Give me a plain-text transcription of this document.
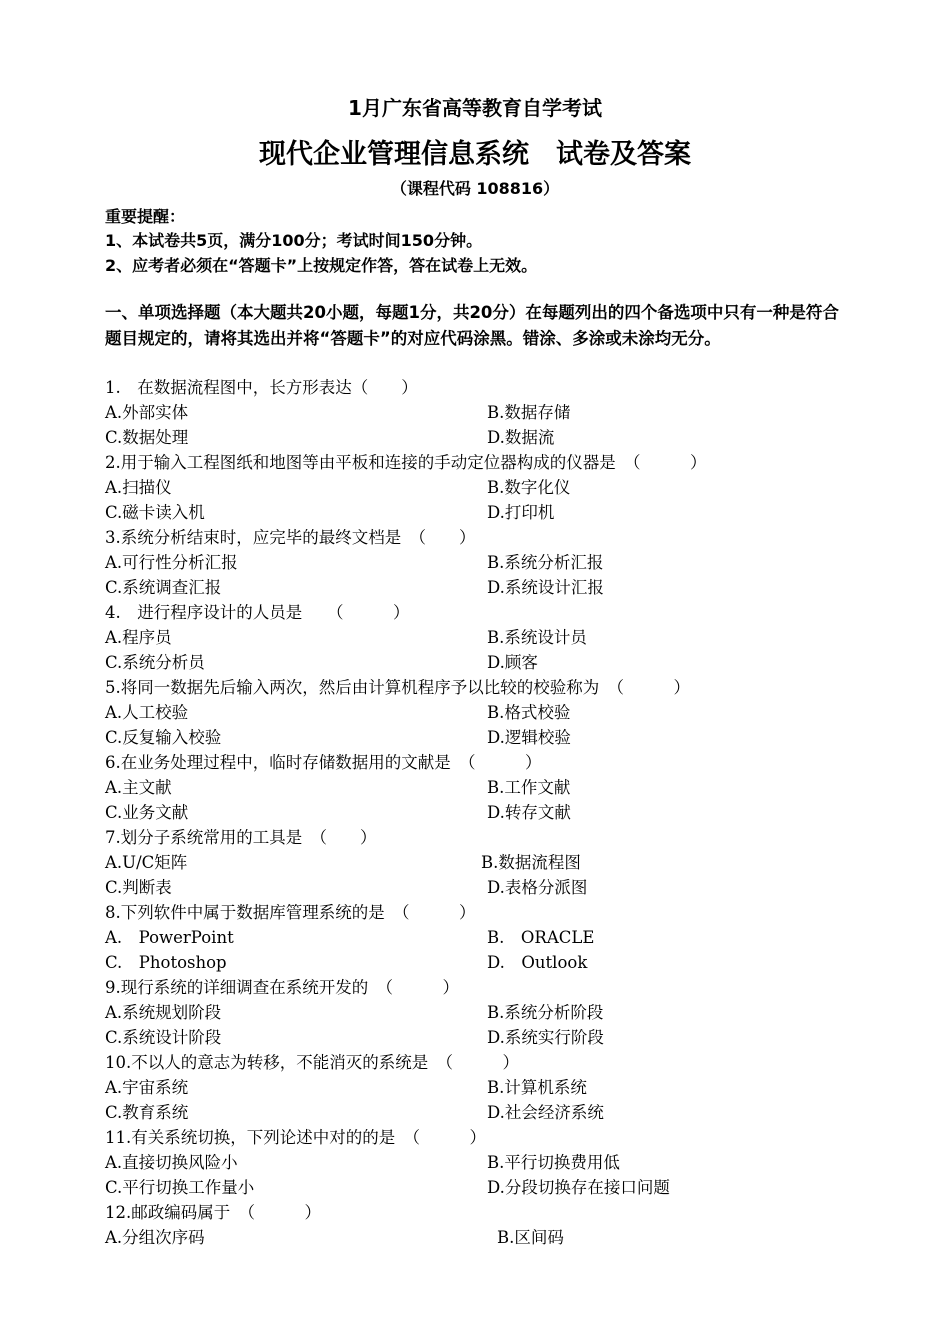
1月广东省高等教育自学考试
现代企业管理信息系统　试卷及答案
（课程代码 108816）
重要提醒：
1、本试卷共5页，满分100分；考试时间150分钟。
2、应考者必须在“答题卡”上按规定作答，答在试卷上无效。
一、单项选择题（本大题共20小题，每题1分，共20分）在每题列出的四个备选项中只有一种是符合题目规定的，请将其选出并将“答题卡”的对应代码涂黑。错涂、多涂或未涂均无分。
1.　在数据流程图中，长方形表达（　　）
A.外部实体	B.数据存储
C.数据处理	D.数据流
2.用于输入工程图纸和地图等由平板和连接的手动定位器构成的仪器是　（　　　）
A.扫描仪	B.数字化仪
C.磁卡读入机	D.打印机
3.系统分析结束时，应完毕的最终文档是　（　　）
A.可行性分析汇报	B.系统分析汇报
C.系统调查汇报	D.系统设计汇报
4.　进行程序设计的人员是　　（　　　）
A.程序员	B.系统设计员
C.系统分析员	D.顾客
5.将同一数据先后输入两次，然后由计算机程序予以比较的校验称为　（　　　）
A.人工校验	B.格式校验
C.反复输入校验	D.逻辑校验
6.在业务处理过程中，临时存储数据用的文献是　（　　　）
A.主文献	B.工作文献
C.业务文献	D.转存文献
7.划分子系统常用的工具是　（　　）
A.U/C矩阵	B.数据流程图
C.判断表	D.表格分派图
8.下列软件中属于数据库管理系统的是　（　　　）
A.　PowerPoint	B.　ORACLE
C.　Photoshop	D.　Outlook
9.现行系统的详细调查在系统开发的　（　　　）
A.系统规划阶段	B.系统分析阶段
C.系统设计阶段	D.系统实行阶段
10.不以人的意志为转移，不能消灭的系统是　（　　　）
A.宇宙系统	B.计算机系统
C.教育系统	D.社会经济系统
11.有关系统切换，下列论述中对的的是　（　　　）
A.直接切换风险小	B.平行切换费用低
C.平行切换工作量小	D.分段切换存在接口问题
12.邮政编码属于　（　　　）
A.分组次序码	B.区间码
